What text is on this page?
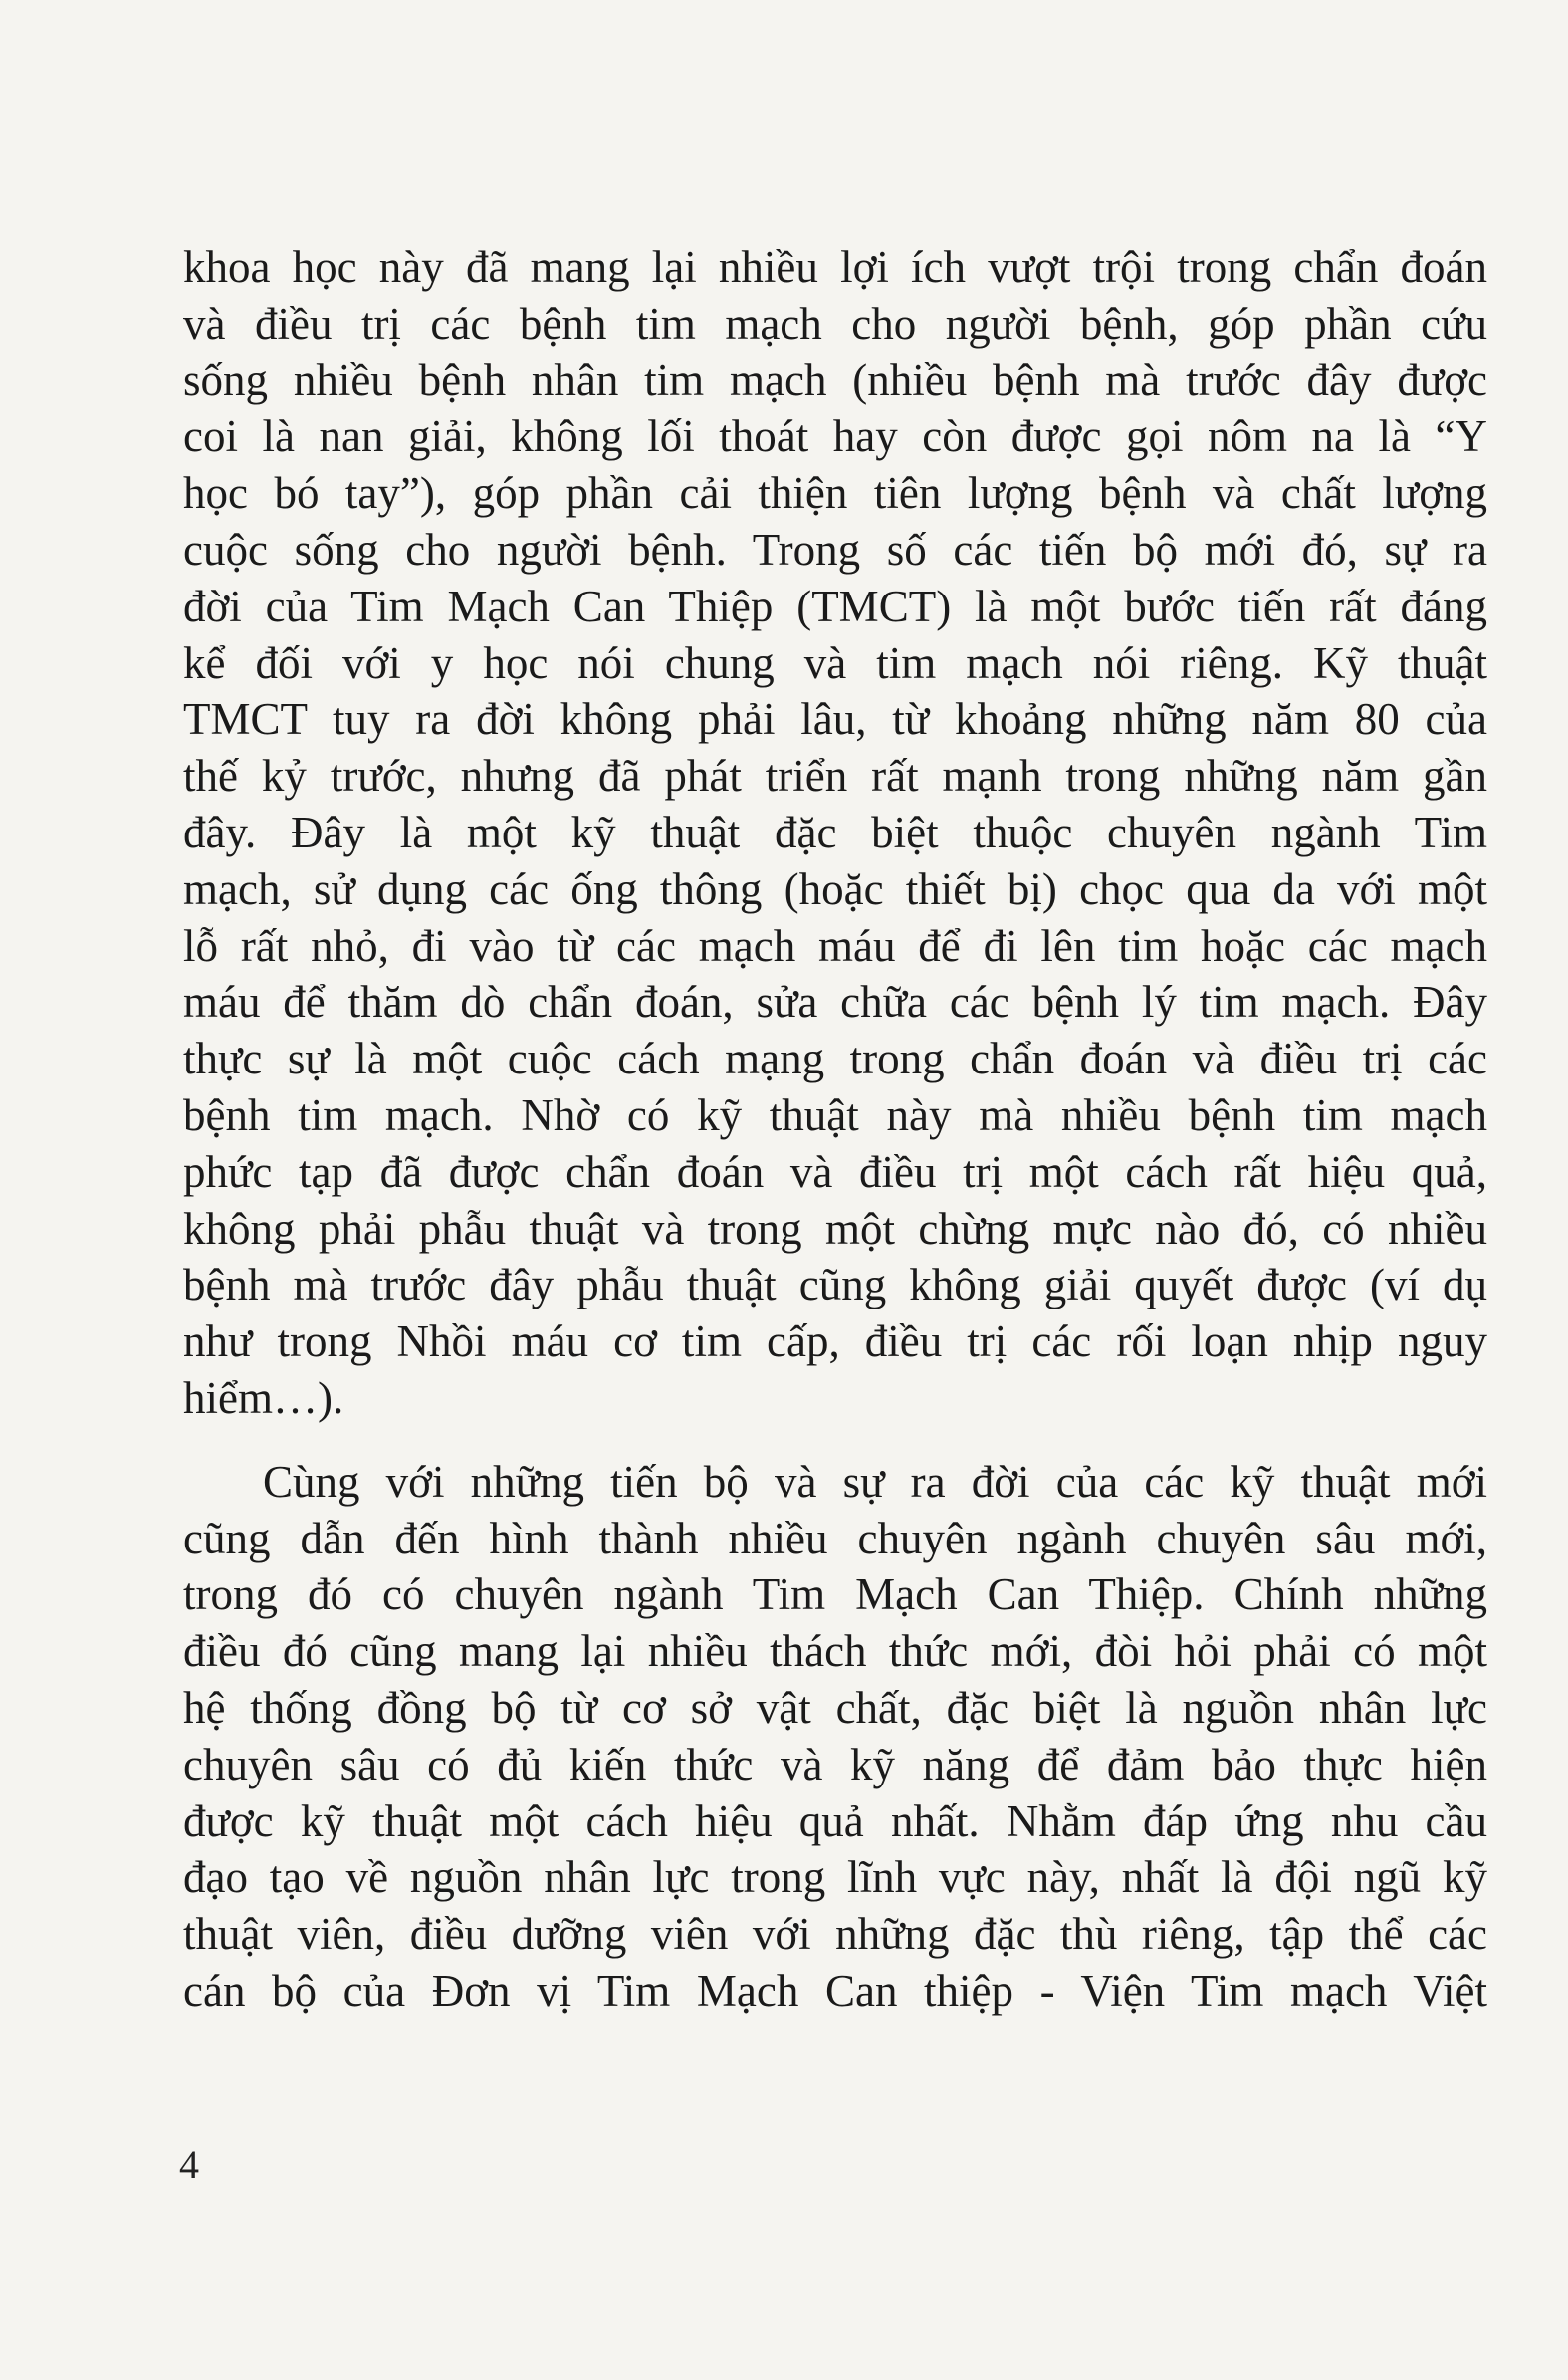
khoa học này đã mang lại nhiều lợi ích vượt trội trong chẩn đoán
và điều trị các bệnh tim mạch cho người bệnh, góp phần cứu
sống nhiều bệnh nhân tim mạch (nhiều bệnh mà trước đây được
coi là nan giải, không lối thoát hay còn được gọi nôm na là “Y
học bó tay”), góp phần cải thiện tiên lượng bệnh và chất lượng
cuộc sống cho người bệnh. Trong số các tiến bộ mới đó, sự ra
đời của Tim Mạch Can Thiệp (TMCT) là một bước tiến rất đáng
kể đối với y học nói chung và tim mạch nói riêng. Kỹ thuật
TMCT tuy ra đời không phải lâu, từ khoảng những năm 80 của
thế kỷ trước, nhưng đã phát triển rất mạnh trong những năm gần
đây. Đây là một kỹ thuật đặc biệt thuộc chuyên ngành Tim
mạch, sử dụng các ống thông (hoặc thiết bị) chọc qua da với một
lỗ rất nhỏ, đi vào từ các mạch máu để đi lên tim hoặc các mạch
máu để thăm dò chẩn đoán, sửa chữa các bệnh lý tim mạch. Đây
thực sự là một cuộc cách mạng trong chẩn đoán và điều trị các
bệnh tim mạch. Nhờ có kỹ thuật này mà nhiều bệnh tim mạch
phức tạp đã được chẩn đoán và điều trị một cách rất hiệu quả,
không phải phẫu thuật và trong một chừng mực nào đó, có nhiều
bệnh mà trước đây phẫu thuật cũng không giải quyết được (ví dụ
như trong Nhồi máu cơ tim cấp, điều trị các rối loạn nhịp nguy
hiểm…).
Cùng với những tiến bộ và sự ra đời của các kỹ thuật mới
cũng dẫn đến hình thành nhiều chuyên ngành chuyên sâu mới,
trong đó có chuyên ngành Tim Mạch Can Thiệp. Chính những
điều đó cũng mang lại nhiều thách thức mới, đòi hỏi phải có một
hệ thống đồng bộ từ cơ sở vật chất, đặc biệt là nguồn nhân lực
chuyên sâu có đủ kiến thức và kỹ năng để đảm bảo thực hiện
được kỹ thuật một cách hiệu quả nhất. Nhằm đáp ứng nhu cầu
đạo tạo về nguồn nhân lực trong lĩnh vực này, nhất là đội ngũ kỹ
thuật viên, điều dưỡng viên với những đặc thù riêng, tập thể các
cán bộ của Đơn vị Tim Mạch Can thiệp - Viện Tim mạch Việt
4
